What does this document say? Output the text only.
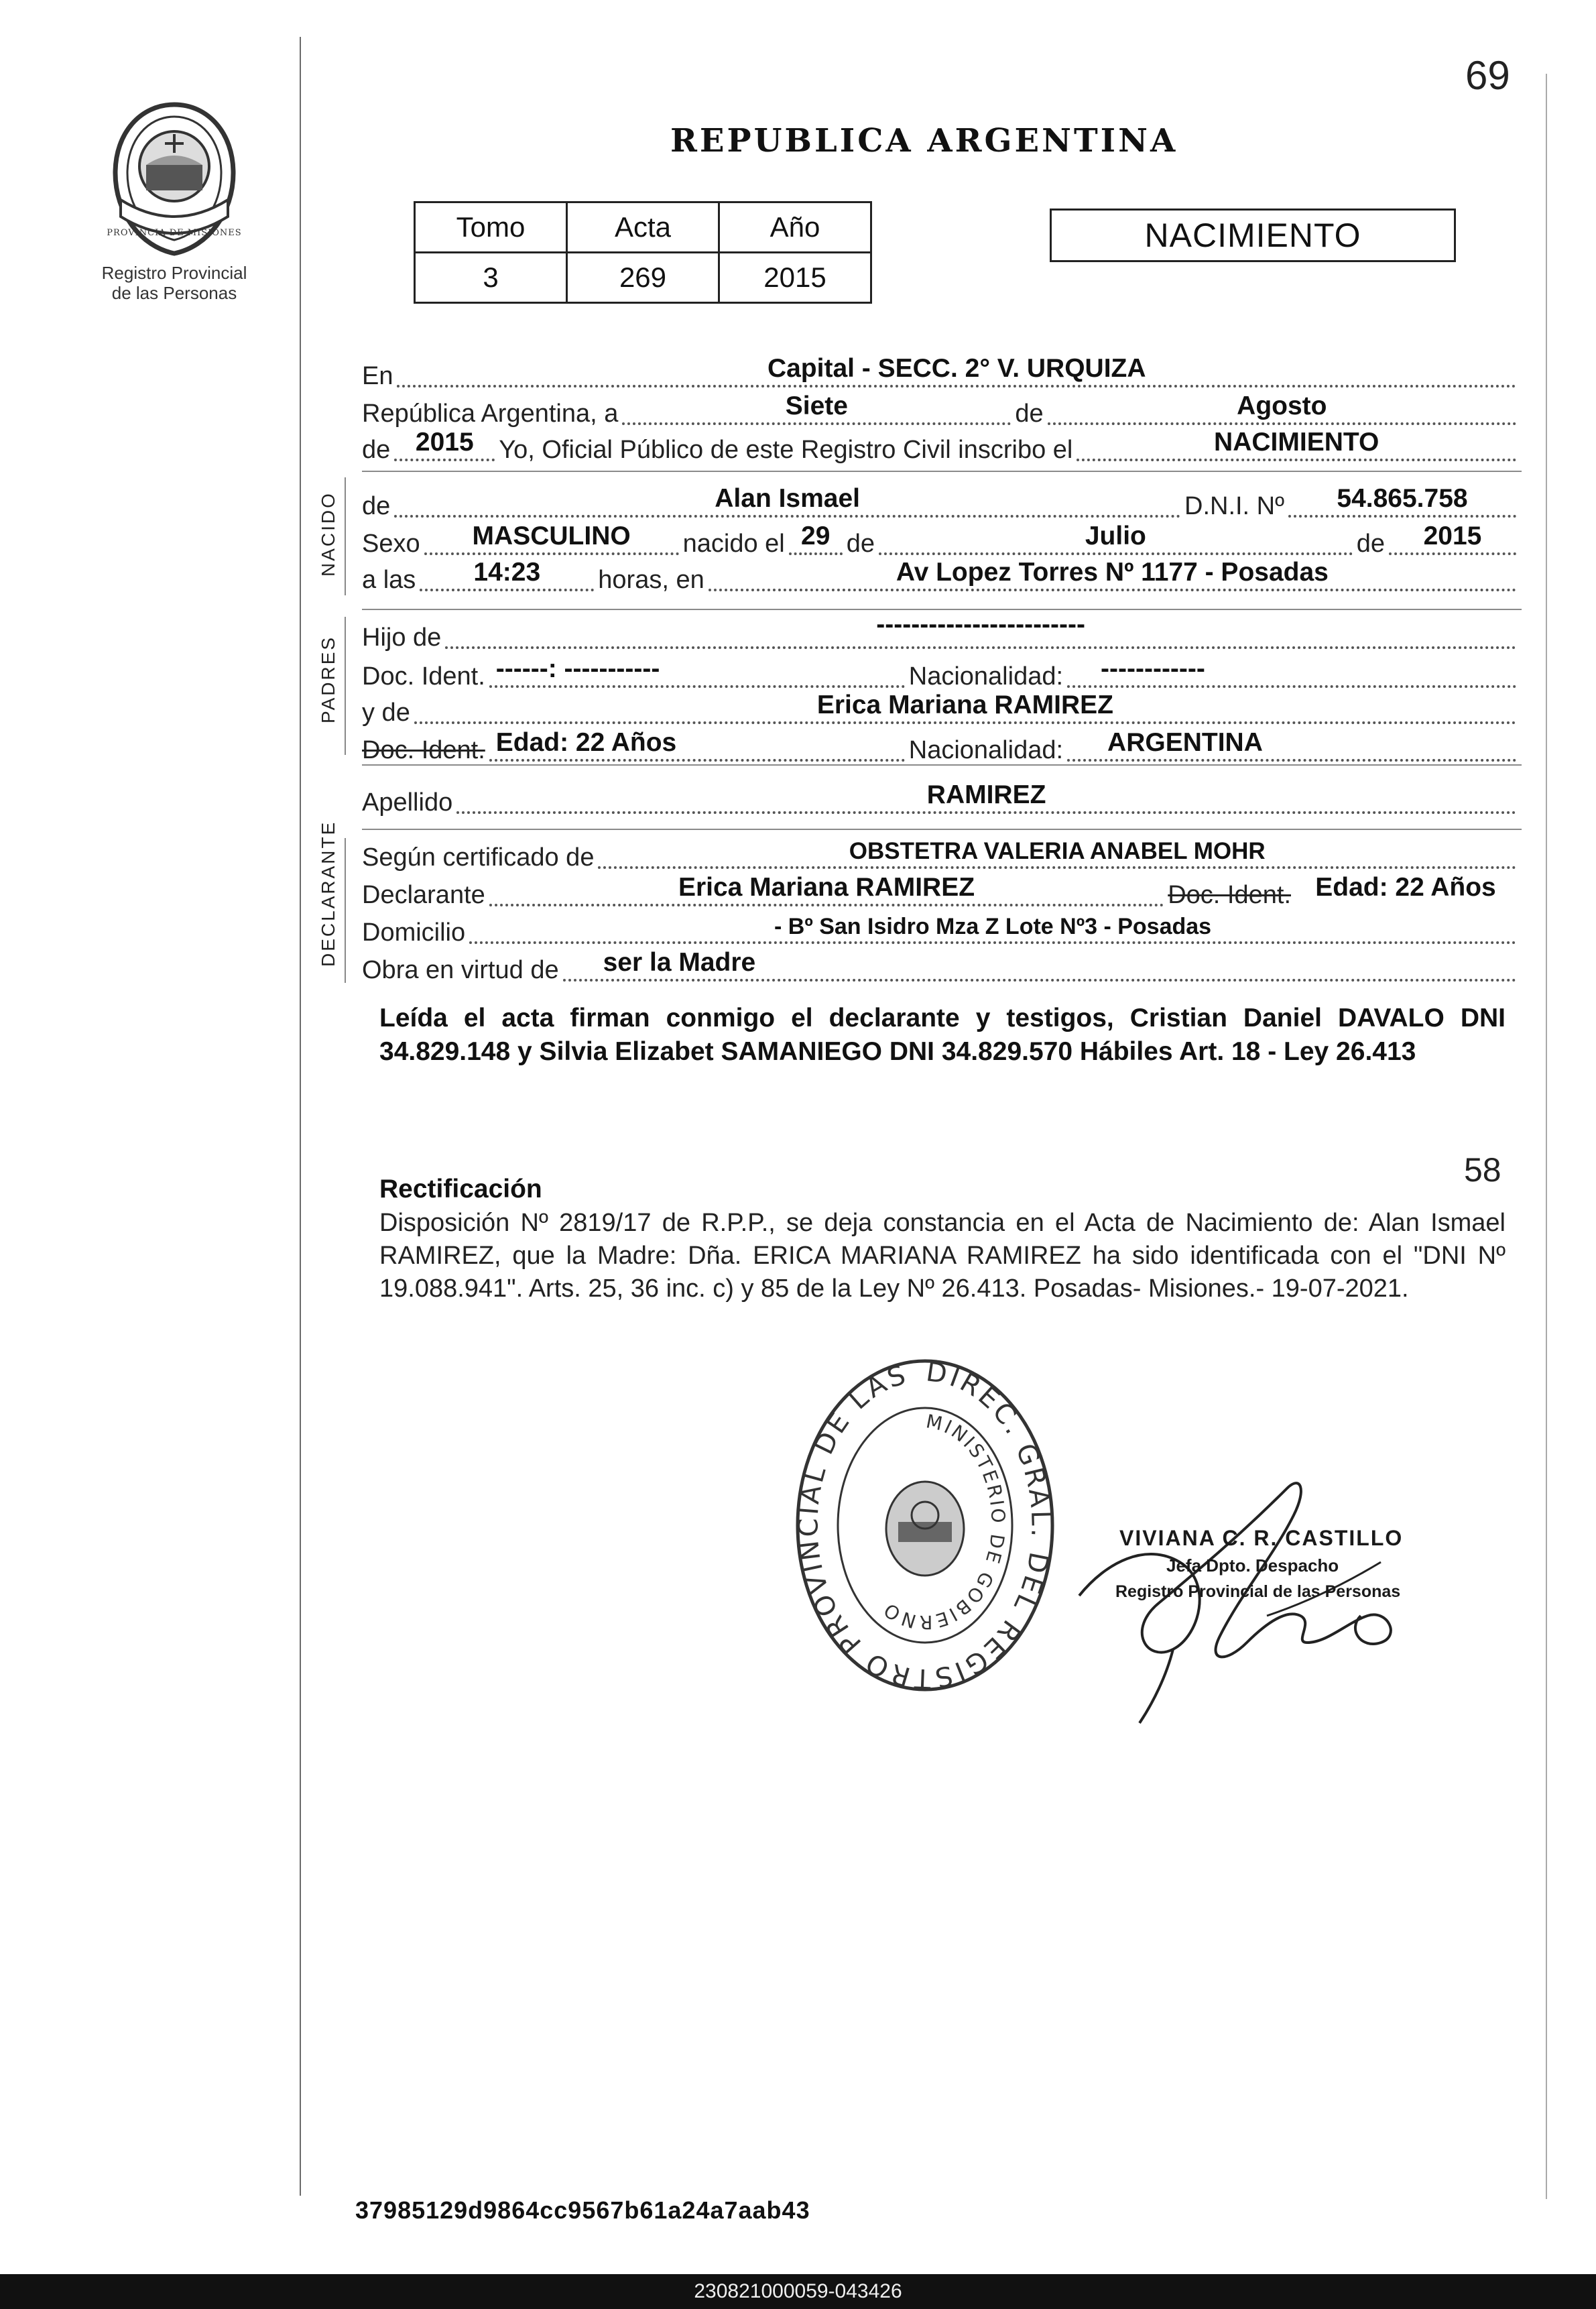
69
PROVINCIA DE MISIONES
Registro Provincial
de las Personas
REPUBLICA ARGENTINA
Tomo	Acta	Año
3	269	2015
NACIMIENTO
NACIDO
PADRES
DECLARANTE
En	Capital - SECC. 2° V. URQUIZA
República Argentina, a	Siete	de	Agosto
de 2015 Yo, Oficial Público de este Registro Civil inscribo el	NACIMIENTO
de	Alan Ismael	D.N.I. Nº	54.865.758
Sexo	MASCULINO	nacido el 29 de	Julio	de	2015
a las	14:23	horas, en	Av Lopez Torres Nº 1177 - Posadas
Hijo de	------------------------
Doc. Ident. ------: -----------	Nacionalidad: ------------
y de	Erica Mariana RAMIREZ
Doc. Ident. Edad: 22 Años	Nacionalidad: ARGENTINA
Apellido	RAMIREZ
Según certificado de	OBSTETRA VALERIA ANABEL MOHR
Declarante	Erica Mariana RAMIREZ	Doc. Ident. Edad: 22 Años
Domicilio	- Bº San Isidro Mza Z Lote Nº3 - Posadas
Obra en virtud de ser la Madre
Leída el acta firman conmigo el declarante y testigos, Cristian Daniel DAVALO DNI 34.829.148 y Silvia Elizabet SAMANIEGO DNI 34.829.570 Hábiles Art. 18 - Ley 26.413
58
Rectificación
Disposición Nº 2819/17 de R.P.P., se deja constancia en el Acta de Nacimiento de: Alan Ismael RAMIREZ, que la Madre: Dña. ERICA MARIANA RAMIREZ ha sido identificada con el "DNI Nº 19.088.941". Arts. 25, 36 inc. c) y 85 de la Ley Nº 26.413. Posadas- Misiones.- 19-07-2021.
DIREC. GRAL. DEL REGISTRO PROVINCIAL DE LAS
MINISTERIO DE GOBIERNO
VIVIANA C. R. CASTILLO
Jefa Dpto. Despacho
Registro Provincial de las Personas
37985129d9864cc9567b61a24a7aab43
230821000059-043426
